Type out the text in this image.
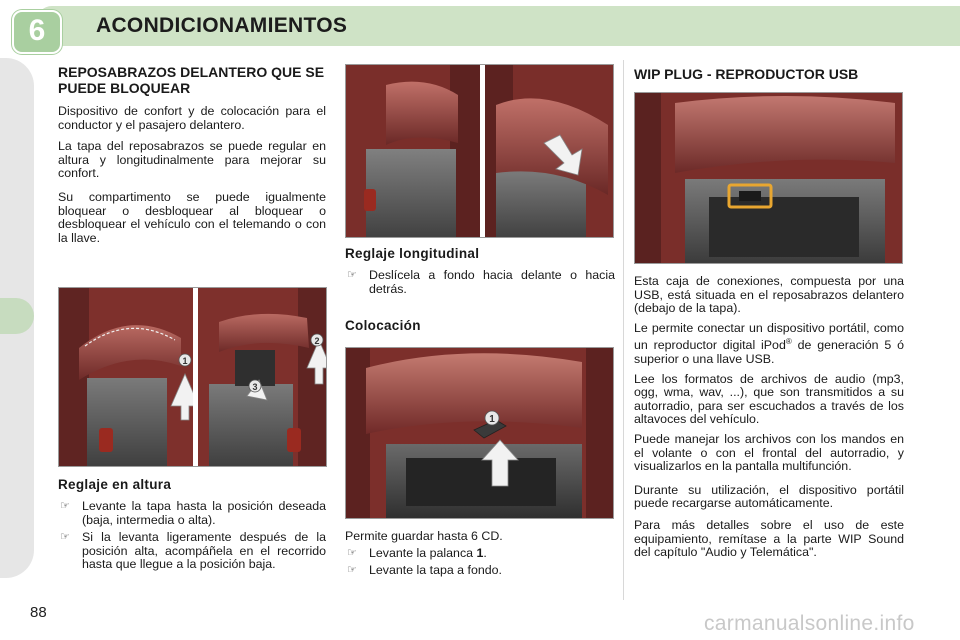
6	ACONDICIONAMIENTOS
REPOSABRAZOS DELANTERO QUE SE PUEDE BLOQUEAR

Dispositivo de confort y de colocación para el conductor y el pasajero delantero.

La tapa del reposabrazos se puede regular en altura y longitudinalmente para mejorar su confort.

Su compartimento se puede igualmente bloquear o desbloquear al bloquear o desbloquear el vehículo con el telemando o con la llave.

1
2
3
Reglaje en altura
☞ Levante la tapa hasta la posición deseada (baja, intermedia o alta).
☞ Si la levanta ligeramente después de la posición alta, acompáñela en el recorrido hasta que llegue a la posición baja.
Reglaje longitudinal
☞ Deslícela a fondo hacia delante o hacia detrás.
Colocación
1

Permite guardar hasta 6 CD.

☞ Levante la palanca 1.
☞ Levante la tapa a fondo.
WIP PLUG - REPRODUCTOR USB

Esta caja de conexiones, compuesta por una USB, está situada en el reposabrazos delantero (debajo de la tapa).

Le permite conectar un dispositivo portátil, como un reproductor digital iPod® de generación 5 ó superior o una llave USB.

Lee los formatos de archivos de audio (mp3, ogg, wma, wav, ...), que son transmitidos a su autorradio, para ser escuchados a través de los altavoces del vehículo.

Puede manejar los archivos con los mandos en el volante o con el frontal del autorradio, y visualizarlos en la pantalla multifunción.

Durante su utilización, el dispositivo portátil puede recargarse automáticamente.

Para más detalles sobre el uso de este equipamiento, remítase a la parte WIP Sound del capítulo "Audio y Telemática".

88	carmanualsonline.info
